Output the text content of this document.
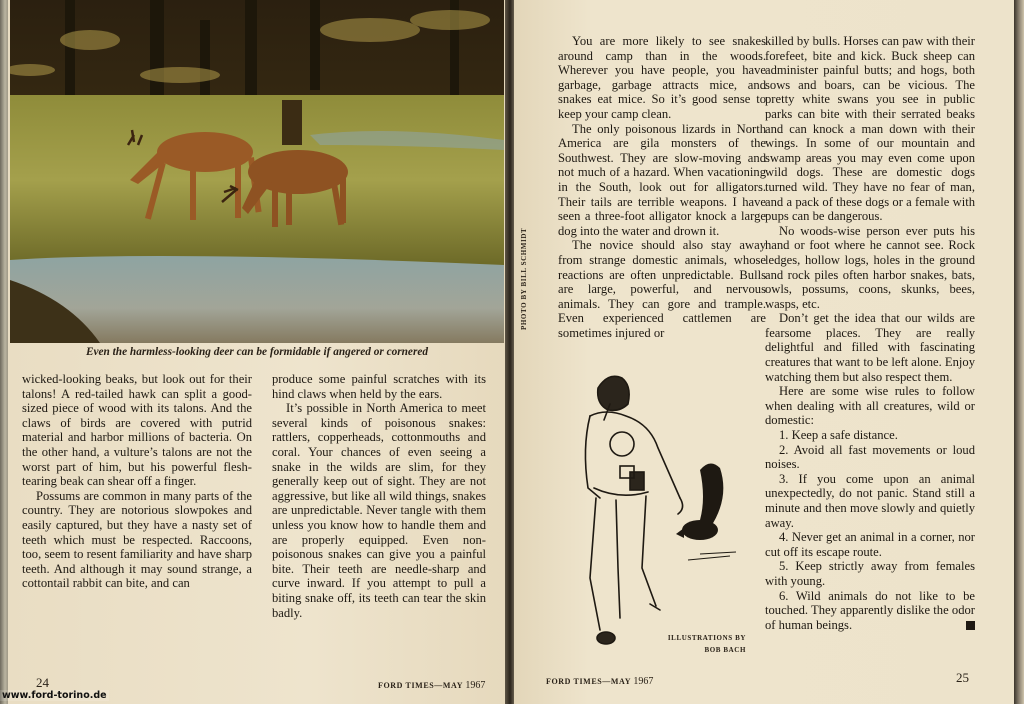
Even the harmless-looking deer can be formidable if angered or cornered

wicked-looking beaks, but look out for their talons! A red-tailed hawk can split a good-sized piece of wood with its talons. And the claws of birds are covered with putrid material and harbor millions of bacteria. On the other hand, a vulture’s talons are not the worst part of him, but his powerful flesh-tearing beak can shear off a finger.

Possums are common in many parts of the country. They are notorious slowpokes and easily captured, but they have a nasty set of teeth which must be respected. Raccoons, too, seem to resent familiarity and have sharp teeth. And although it may sound strange, a cottontail rabbit can bite, and can

produce some painful scratches with its hind claws when held by the ears.

It’s possible in North America to meet several kinds of poisonous snakes: rattlers, copperheads, cottonmouths and coral. Your chances of even seeing a snake in the wilds are slim, for they generally keep out of sight. They are not aggressive, but like all wild things, snakes are unpredictable. Never tangle with them unless you know how to handle them and are properly equipped. Even non-poisonous snakes can give you a painful bite. Their teeth are needle-sharp and curve inward. If you attempt to pull a biting snake off, its teeth can tear the skin badly.

24	FORD TIMES—MAY 1967
PHOTO BY BILL SCHMIDT

You are more likely to see snakes around camp than in the woods. Wherever you have people, you have garbage, garbage attracts mice, and snakes eat mice. So it’s good sense to keep your camp clean.

The only poisonous lizards in North America are gila monsters of the Southwest. They are slow-moving and not much of a hazard. When vacationing in the South, look out for alligators. Their tails are terrible weapons. I have seen a three-foot alligator knock a large dog into the water and drown it.

The novice should also stay away from strange domestic animals, whose reactions are often unpredictable. Bulls are large, powerful, and nervous animals. They can gore and trample. Even experienced cattlemen are sometimes injured or

ILLUSTRATIONS BY
BOB BACH

killed by bulls. Horses can paw with their forefeet, bite and kick. Buck sheep can administer painful butts; and hogs, both sows and boars, can be vicious. The pretty white swans you see in public parks can bite with their serrated beaks and can knock a man down with their wings. In some of our mountain and swamp areas you may even come upon wild dogs. These are domestic dogs turned wild. They have no fear of man, and a pack of these dogs or a female with pups can be dangerous.

No woods-wise person ever puts his hand or foot where he cannot see. Rock ledges, hollow logs, holes in the ground and rock piles often harbor snakes, bats, owls, possums, coons, skunks, bees, wasps, etc.

Don’t get the idea that our wilds are fearsome places. They are really delightful and filled with fascinating creatures that want to be left alone. Enjoy watching them but also respect them.

Here are some wise rules to follow when dealing with all creatures, wild or domestic:

1. Keep a safe distance.

2. Avoid all fast movements or loud noises.

3. If you come upon an animal unexpectedly, do not panic. Stand still a minute and then move slowly and quietly away.

4. Never get an animal in a corner, nor cut off its escape route.

5. Keep strictly away from females with young.

6. Wild animals do not like to be touched. They apparently dislike the odor of human beings.

FORD TIMES—MAY 1967	25
www.ford-torino.de
